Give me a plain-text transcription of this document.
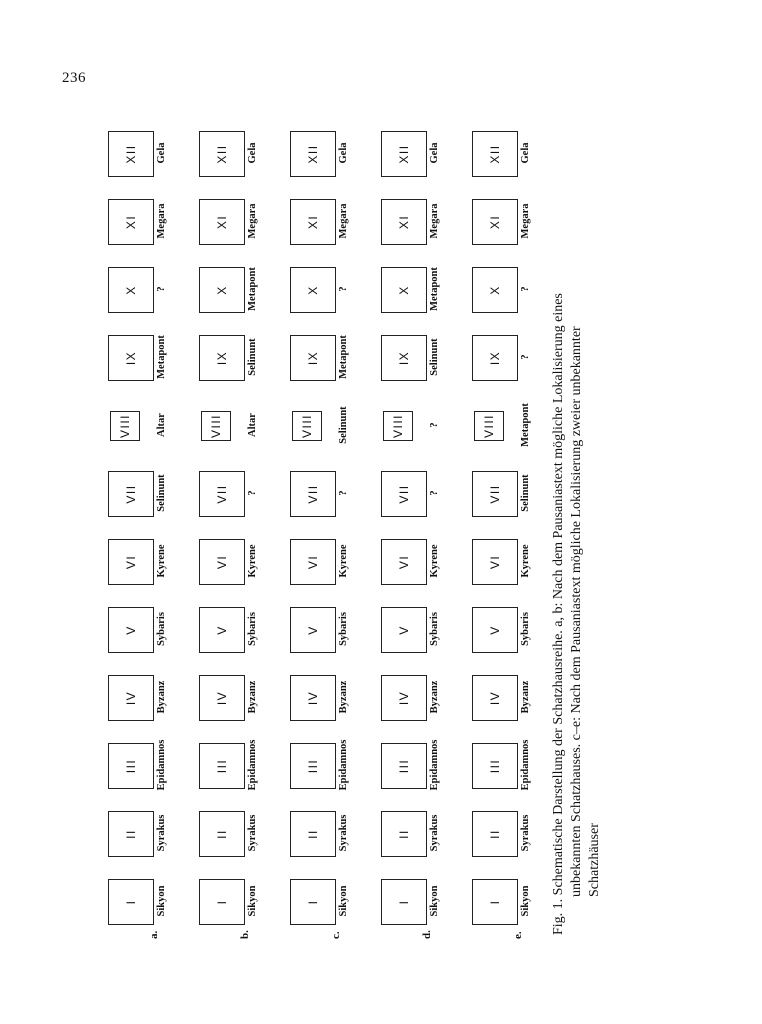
236
e.
I	Sikyon
II	Syrakus
III	Epidamnos
IV	Byzanz
V	Sybaris
VI	Kyrene
VII	Selinunt
VIII	Metapont
IX	?
X	?
XI	Megara
XII	Gela
d.
I	Sikyon
II	Syrakus
III	Epidamnos
IV	Byzanz
V	Sybaris
VI	Kyrene
VII	?
VIII	?
IX	Selinunt
X	Metapont
XI	Megara
XII	Gela
c.
I	Sikyon
II	Syrakus
III	Epidamnos
IV	Byzanz
V	Sybaris
VI	Kyrene
VII	?
VIII	Selinunt
IX	Metapont
X	?
XI	Megara
XII	Gela
b.
I	Sikyon
II	Syrakus
III	Epidamnos
IV	Byzanz
V	Sybaris
VI	Kyrene
VII	?
VIII	Altar
IX	Selinunt
X	Metapont
XI	Megara
XII	Gela
a.
I	Sikyon
II	Syrakus
III	Epidamnos
IV	Byzanz
V	Sybaris
VI	Kyrene
VII	Selinunt
VIII	Altar
IX	Metapont
X	?
XI	Megara
XII	Gela

Fig. 1. Schematische Darstellung der Schatzhausreihe. a, b: Nach dem Pausaniastext mögliche Lokalisierung eines unbekannten Schatzhauses. c–e: Nach dem Pausaniastext mögliche Lokalisierung zweier unbekannter Schatzhäuser
